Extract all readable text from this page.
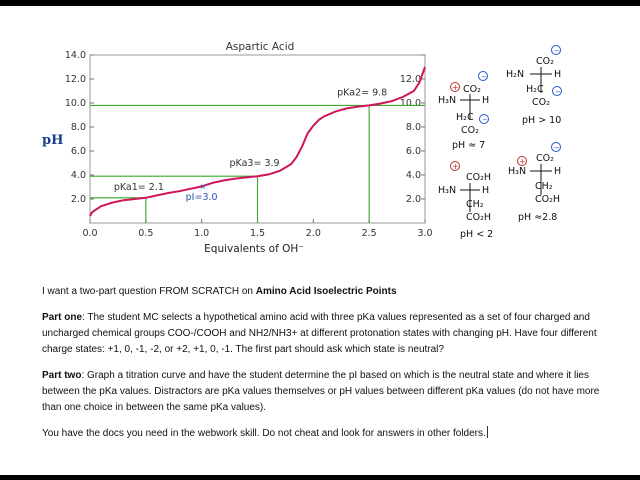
Aspartic Acid
pH
Equivalents of OH⁻
0.0	0.5	1.0	1.5	2.0	2.5	3.0
2.0	2.0
4.0	4.0
6.0	6.0
8.0	8.0
10.0	10.0
12.0	12.0
14.0
pKa1= 2.1
pKa3= 3.9
pKa2= 9.8
pI=3.0
×
CO₂
−
H₃N
+
H
H₂C
CO₂
−
pH ≈ 7
CO₂
−
H₂N	H
H₂C
CO₂
−
pH > 10
CO₂H
+
H₃N	H
CH₂
CO₂H
pH < 2
CO₂
−
+
H₃N	H
CH₂
CO₂H
pH ≈2.8

I want a two-part question FROM SCRATCH on Amino Acid Isoelectric Points

Part one: The student MC selects a hypothetical amino acid with three pKa values represented as a set of four charged and uncharged chemical groups COO-/COOH and NH2/NH3+ at different protonation states with changing pH. Have four different charge states: +1, 0, -1, -2, or +2, +1, 0, -1. The first part should ask which state is neutral?

Part two: Graph a titration curve and have the student determine the pI based on which is the neutral state and where it lies between the pKa values. Distractors are pKa values themselves or pH values between different pKa values (do not have more than one choice in between the same pKa values).

You have the docs you need in the webwork skill. Do not cheat and look for answers in other folders.
